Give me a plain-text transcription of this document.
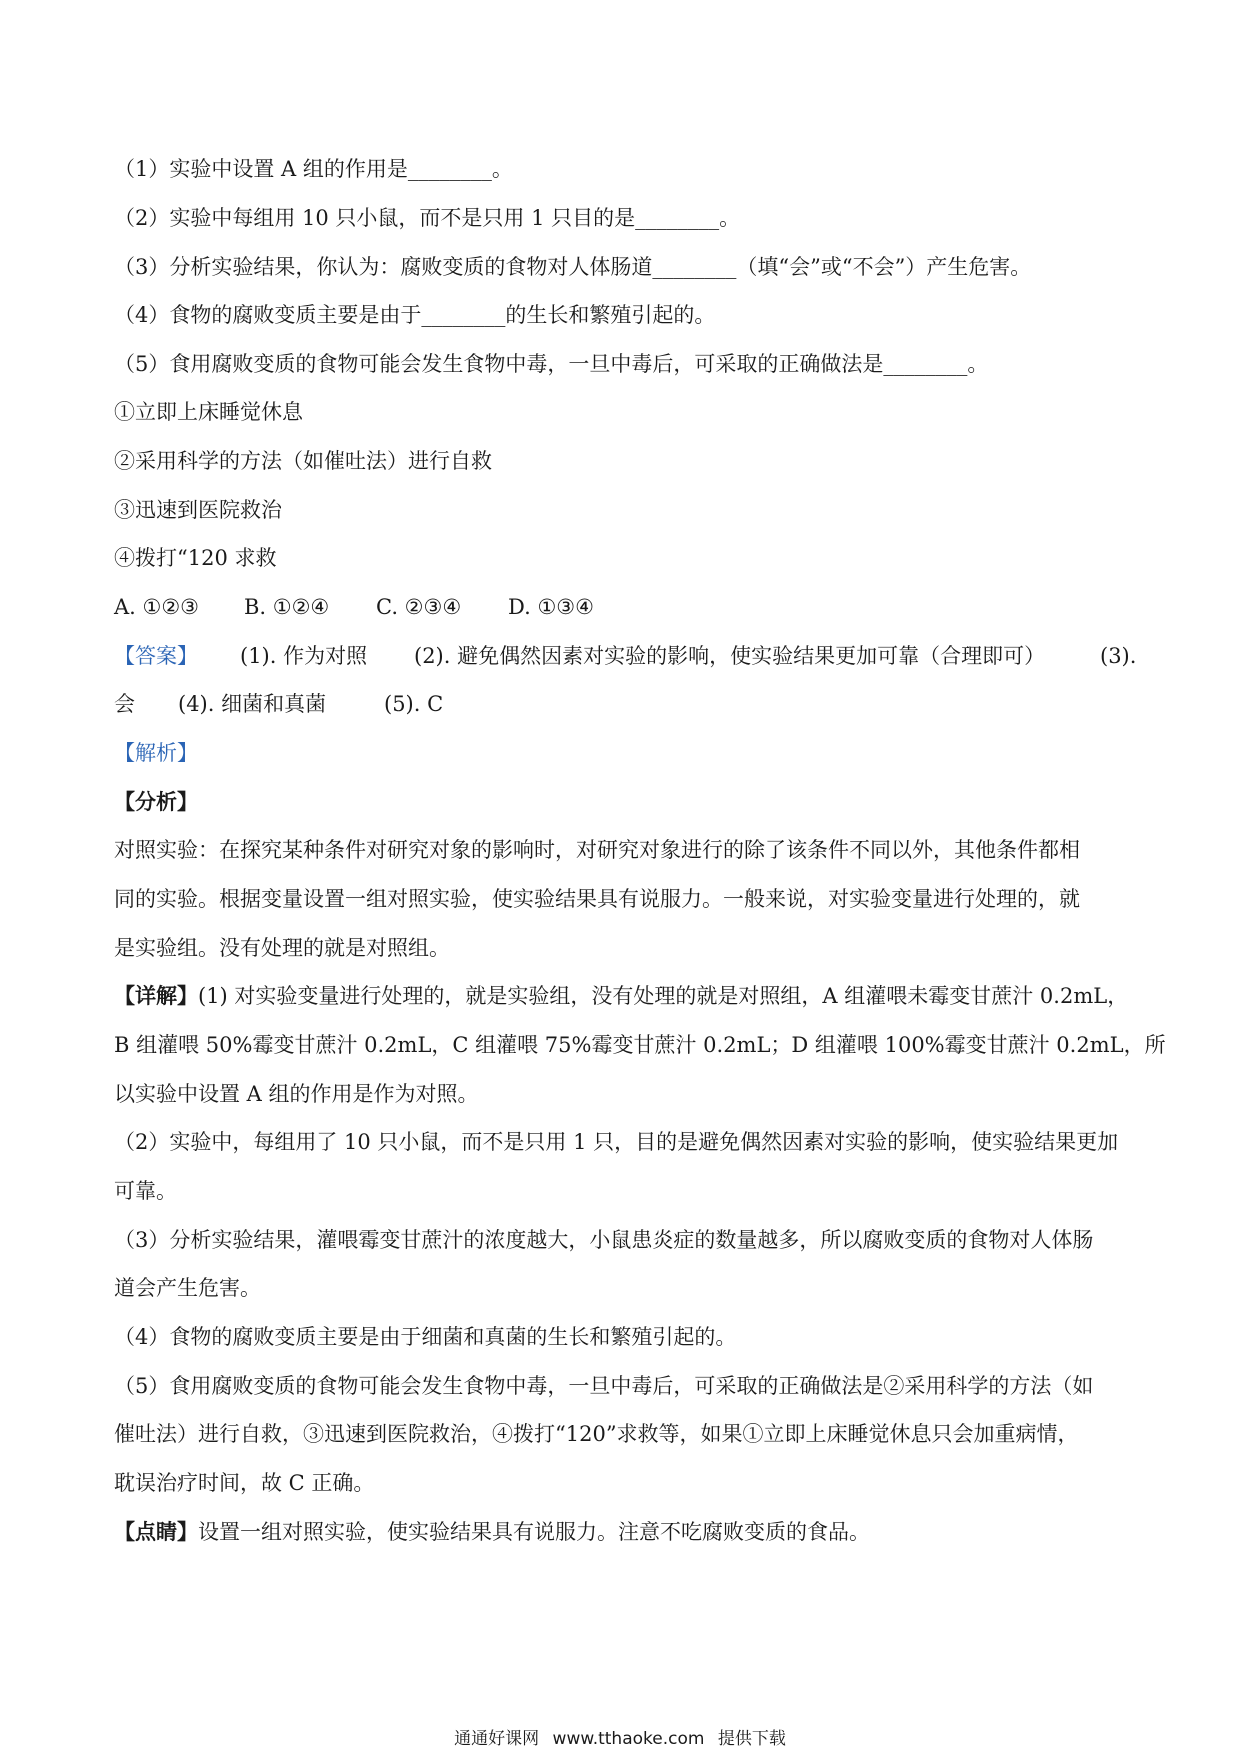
（1）实验中设置 A 组的作用是________。
（2）实验中每组用 10 只小鼠，而不是只用 1 只目的是________。
（3）分析实验结果，你认为：腐败变质的食物对人体肠道________（填“会”或“不会”）产生危害。
（4）食物的腐败变质主要是由于________的生长和繁殖引起的。
（5）食用腐败变质的食物可能会发生食物中毒，一旦中毒后，可采取的正确做法是________。
①立即上床睡觉休息
②采用科学的方法（如催吐法）进行自救
③迅速到医院救治
④拨打“120 求救
A. ①②③ B. ①②④ C. ②③④ D. ①③④
【答案】 (1). 作为对照 (2). 避免偶然因素对实验的影响，使实验结果更加可靠（合理即可）	(3).
会 (4). 细菌和真菌	(5). C
【解析】
【分析】
对照实验：在探究某种条件对研究对象的影响时，对研究对象进行的除了该条件不同以外，其他条件都相
同的实验。根据变量设置一组对照实验，使实验结果具有说服力。一般来说，对实验变量进行处理的，就
是实验组。没有处理的就是对照组。
【详解】(1) 对实验变量进行处理的，就是实验组，没有处理的就是对照组，A 组灌喂未霉变甘蔗汁 0.2mL，
B 组灌喂 50%霉变甘蔗汁 0.2mL，C 组灌喂 75%霉变甘蔗汁 0.2mL；D 组灌喂 100%霉变甘蔗汁 0.2mL，所
以实验中设置 A 组的作用是作为对照。
（2）实验中，每组用了 10 只小鼠，而不是只用 1 只，目的是避免偶然因素对实验的影响，使实验结果更加
可靠。
（3）分析实验结果，灌喂霉变甘蔗汁的浓度越大，小鼠患炎症的数量越多，所以腐败变质的食物对人体肠
道会产生危害。
（4）食物的腐败变质主要是由于细菌和真菌的生长和繁殖引起的。
（5）食用腐败变质的食物可能会发生食物中毒，一旦中毒后，可采取的正确做法是②采用科学的方法（如
催吐法）进行自救，③迅速到医院救治，④拨打“120”求救等，如果①立即上床睡觉休息只会加重病情，
耽误治疗时间，故 C 正确。
【点睛】设置一组对照实验，使实验结果具有说服力。注意不吃腐败变质的食品。
通通好课网 www.tthaoke.com 提供下载
